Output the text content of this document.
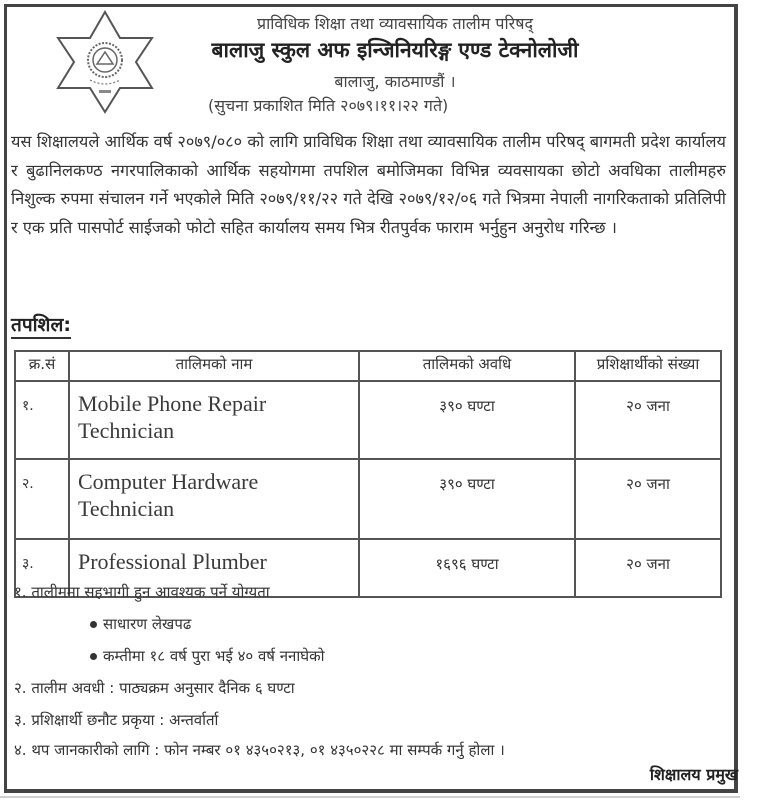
प्राविधिक शिक्षा तथा व्यावसायिक तालीम परिषद्
बालाजु स्कुल अफ इन्जिनियरिङ्ग एण्ड टेक्नोलोजी
बालाजु, काठमाण्डौं ।
(सुचना प्रकाशित मिति २०७९।११।२२ गते)
यस शिक्षालयले आर्थिक वर्ष २०७९/०८० को लागि प्राविधिक शिक्षा तथा व्यावसायिक तालीम परिषद् बागमती प्रदेश कार्यालय र बुढानिलकण्ठ नगरपालिकाको आर्थिक सहयोगमा तपशिल बमोजिमका विभिन्न व्यवसायका छोटो अवधिका तालीमहरु निशुल्क रुपमा संचालन गर्ने भएकोले मिति २०७९/११/२२ गते देखि २०७९/१२/०६ गते भित्रमा नेपाली नागरिकताको प्रतिलिपी र एक प्रति पासपोर्ट साईजको फोटो सहित कार्यालय समय भित्र रीतपुर्वक फाराम भर्नुहुन अनुरोध गरिन्छ ।
तपशिल:
क्र.सं	तालिमको नाम	तालिमको अवधि	प्रशिक्षार्थीको संख्या
१.	Mobile Phone Repair Technician	३९० घण्टा	२० जना
२.	Computer Hardware Technician	३९० घण्टा	२० जना
३.	Professional Plumber	१६९६ घण्टा	२० जना
१. तालीममा सहभागी हुन आवश्यक पर्ने योग्यता
साधारण लेखपढ
कम्तीमा १८ वर्ष पुरा भई ४० वर्ष ननाघेको
२. तालीम अवधी : पाठ्यक्रम अनुसार दैनिक ६ घण्टा
३. प्रशिक्षार्थी छनौट प्रकृया : अन्तर्वार्ता
४. थप जानकारीको लागि : फोन नम्बर ०१ ४३५०२१३, ०१ ४३५०२२८ मा सम्पर्क गर्नु होला ।
शिक्षालय प्रमुख
